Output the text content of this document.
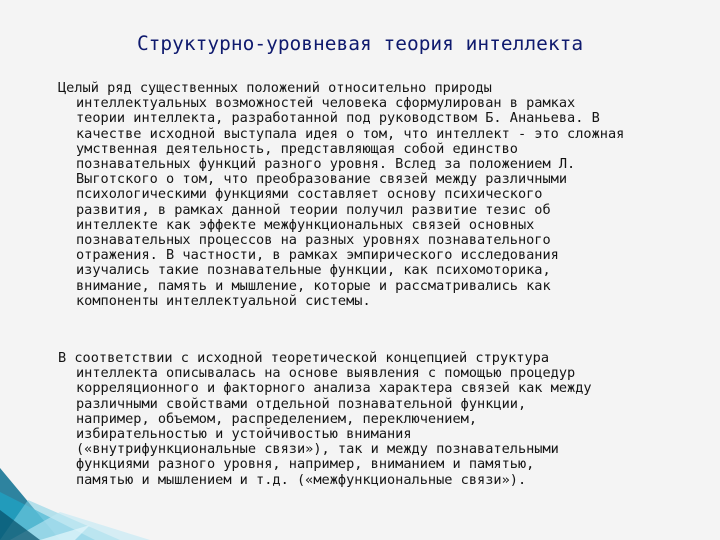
Структурно-уровневая теория интеллекта

Целый ряд существенных положений относительно природы
интеллектуальных возможностей человека сформулирован в рамках
теории интеллекта, разработанной под руководством Б. Ананьева. В
качестве исходной выступала идея о том, что интеллект - это сложная
умственная деятельность, представляющая собой единство
познавательных функций разного уровня. Вслед за положением Л.
Выготского о том, что преобразование связей между различными
психологическими функциями составляет основу психического
развития, в рамках данной теории получил развитие тезис об
интеллекте как эффекте межфункциональных связей основных
познавательных процессов на разных уровнях познавательного
отражения. В частности, в рамках эмпирического исследования
изучались такие познавательные функции, как психомоторика,
внимание, память и мышление, которые и рассматривались как
компоненты интеллектуальной системы.

В соответствии с исходной теоретической концепцией структура
интеллекта описывалась на основе выявления с помощью процедур
корреляционного и факторного анализа характера связей как между
различными свойствами отдельной познавательной функции,
например, объемом, распределением, переключением,
избирательностью и устойчивостью внимания
(«внутрифункциональные связи»), так и между познавательными
функциями разного уровня, например, вниманием и памятью,
памятью и мышлением и т.д. («межфункциональные связи»).
